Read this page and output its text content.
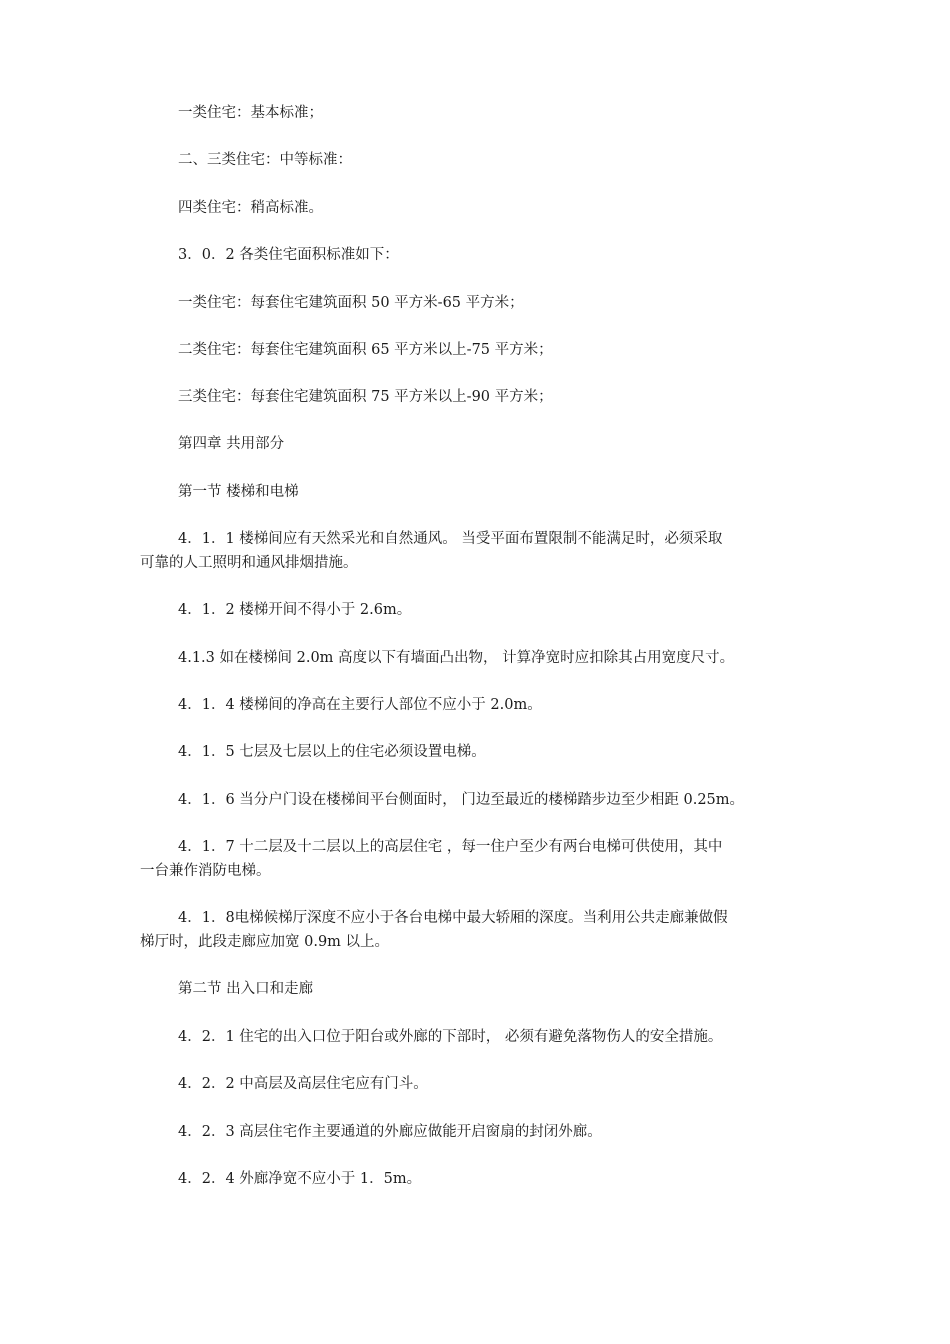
一类住宅：基本标准；
二、三类住宅：中等标准：
四类住宅：稍高标准。
3．0．2 各类住宅面积标准如下：
一类住宅：每套住宅建筑面积 50 平方米-65 平方米；
二类住宅：每套住宅建筑面积 65 平方米以上-75 平方米；
三类住宅：每套住宅建筑面积 75 平方米以上-90 平方米；
第四章 共用部分
第一节 楼梯和电梯
4．1．1 楼梯间应有天然采光和自然通风。 当受平面布置限制不能满足时，必须采取
可靠的人工照明和通风排烟措施。
4．1．2 楼梯开间不得小于 2.6m。
4.1.3 如在楼梯间 2.0m 高度以下有墙面凸出物， 计算净宽时应扣除其占用宽度尺寸。
4．1．4 楼梯间的净高在主要行人部位不应小于 2.0m。
4．1．5 七层及七层以上的住宅必须设置电梯。
4．1．6 当分户门设在楼梯间平台侧面时， 门边至最近的楼梯踏步边至少相距 0.25m。
4．1．7 十二层及十二层以上的高层住宅 ，每一住户至少有两台电梯可供使用，其中
一台兼作消防电梯。
4．1．8电梯候梯厅深度不应小于各台电梯中最大轿厢的深度。当利用公共走廊兼做假
梯厅时，此段走廊应加宽 0.9m 以上。
第二节 出入口和走廊
4．2．1 住宅的出入口位于阳台或外廊的下部时， 必须有避免落物伤人的安全措施。
4．2．2 中高层及高层住宅应有门斗。
4．2．3 高层住宅作主要通道的外廊应做能开启窗扇的封闭外廊。
4．2．4 外廊净宽不应小于 1．5m。
